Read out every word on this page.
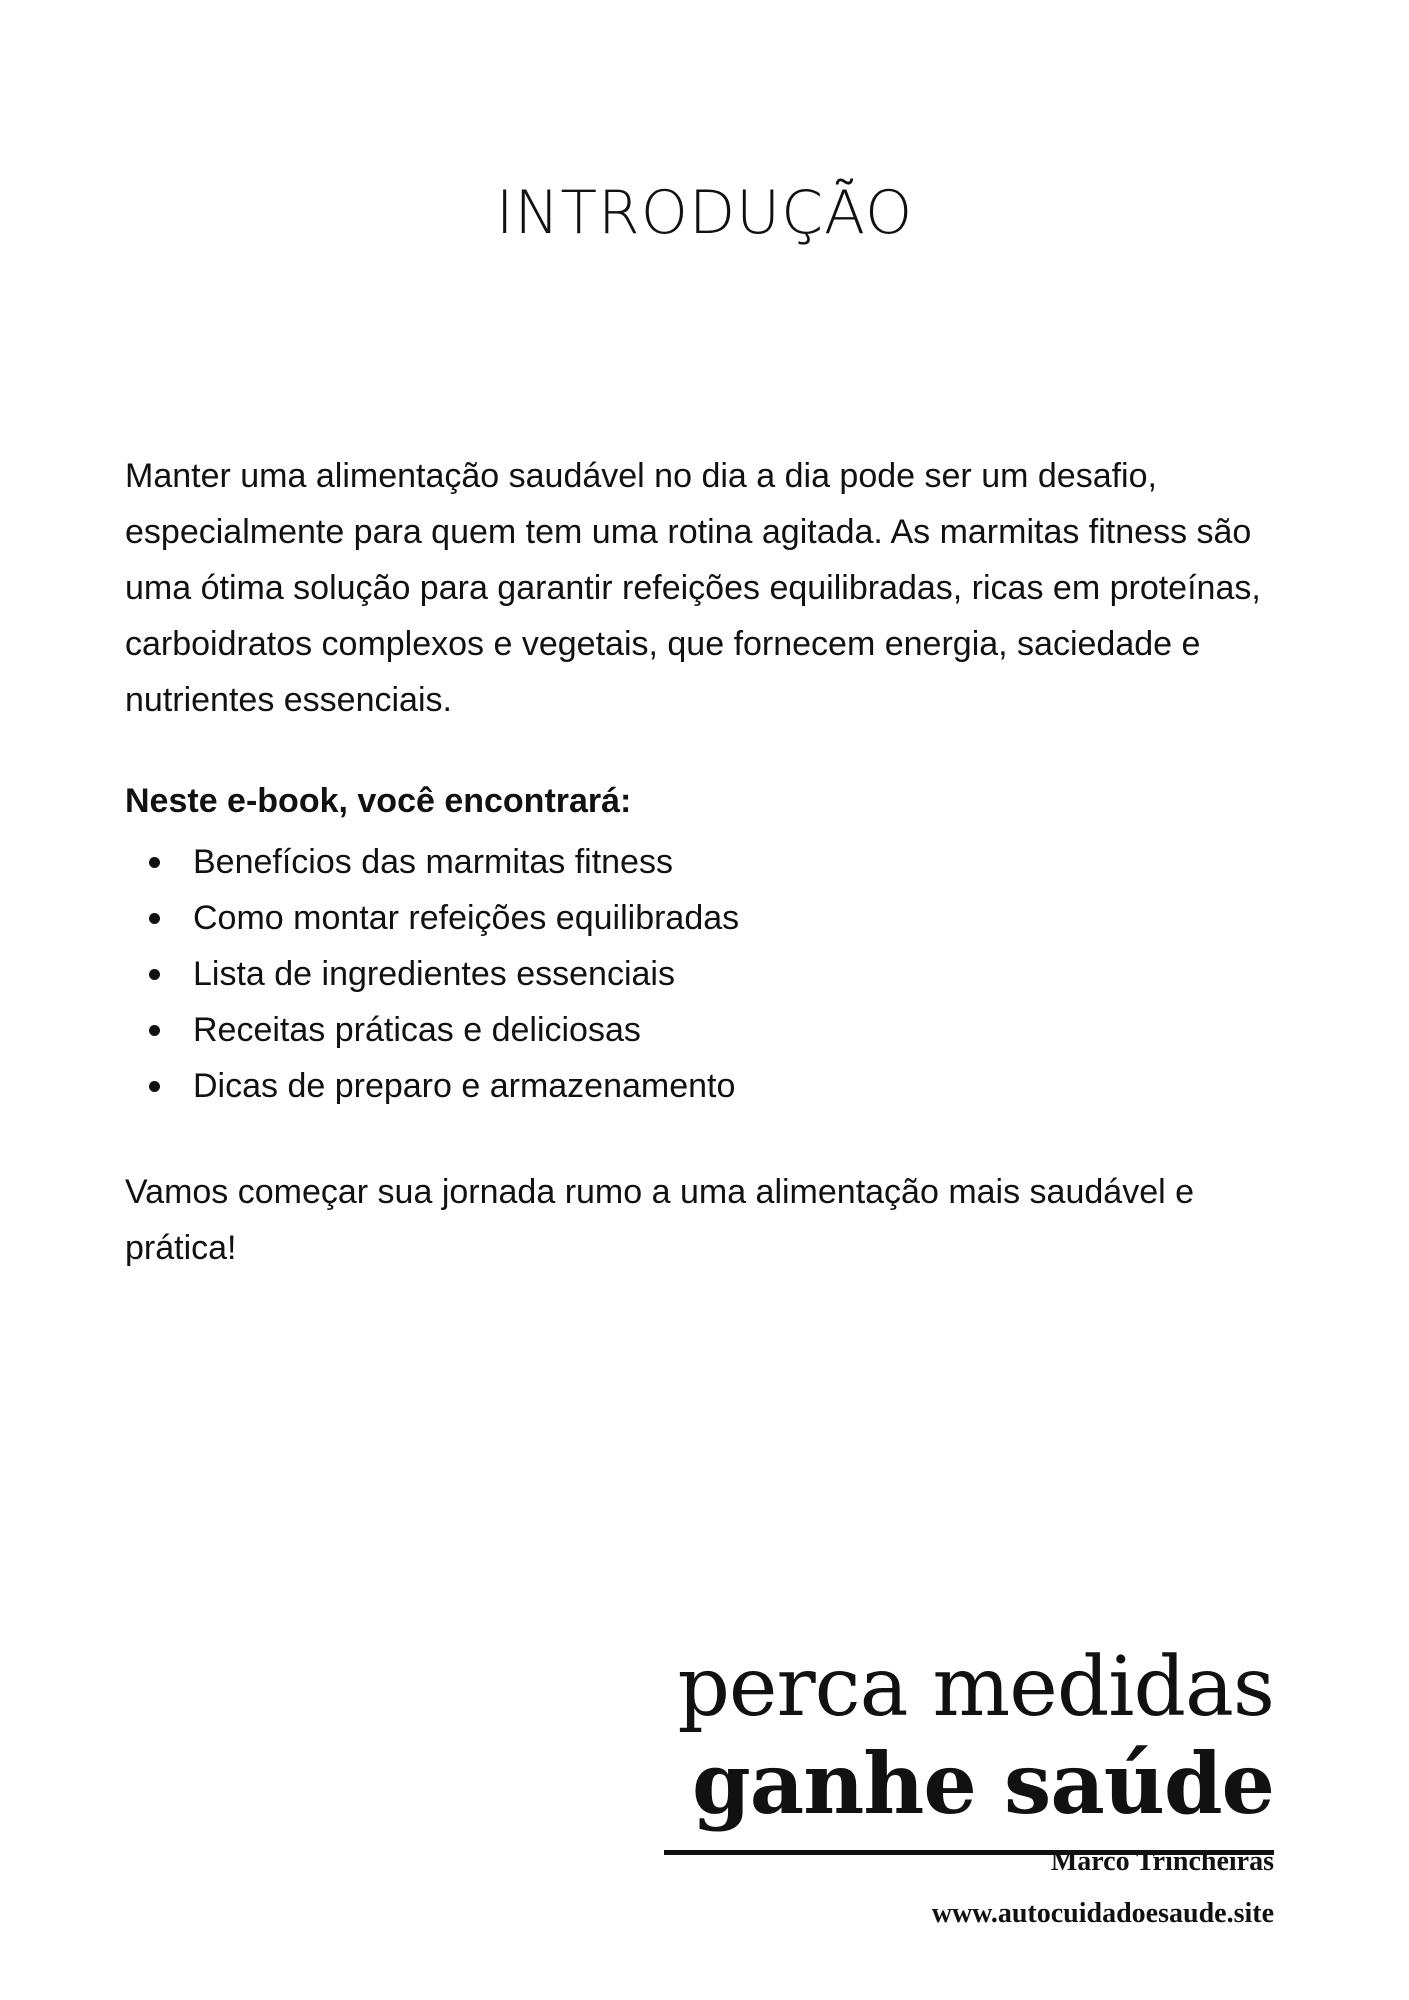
INTRODUÇÃO

Manter uma alimentação saudável no dia a dia pode ser um desafio, especialmente para quem tem uma rotina agitada. As marmitas fitness são uma ótima solução para garantir refeições equilibradas, ricas em proteínas, carboidratos complexos e vegetais, que fornecem energia, saciedade e nutrientes essenciais.

Neste e-book, você encontrará:

Benefícios das marmitas fitness
Como montar refeições equilibradas
Lista de ingredientes essenciais
Receitas práticas e deliciosas
Dicas de preparo e armazenamento

Vamos começar sua jornada rumo a uma alimentação mais saudável e prática!

perca medidas

ganhe saúde

Marco Trincheiras
www.autocuidadoesaude.site
